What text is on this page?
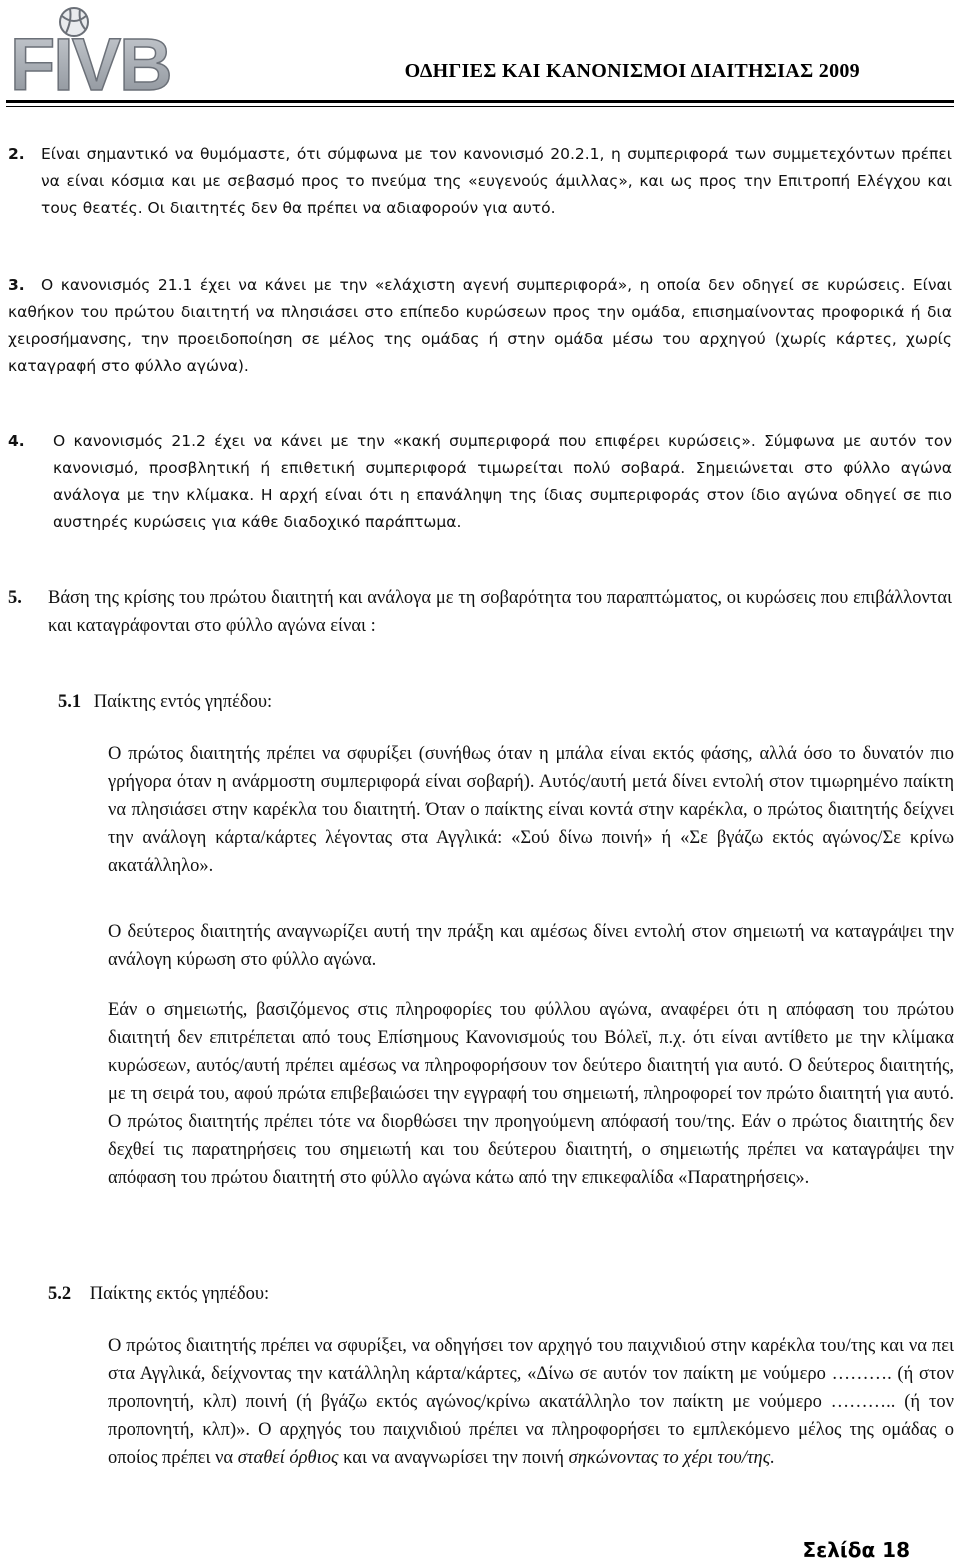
FIVB	ΟΔΗΓΙΕΣ ΚΑΙ ΚΑΝΟΝΙΣΜΟΙ ΔΙΑΙΤΗΣΙΑΣ 2009
2.	Είναι σημαντικό να θυμόμαστε, ότι σύμφωνα με τον κανονισμό 20.2.1, η συμπεριφορά των συμμετεχόντων πρέπει να είναι κόσμια και με σεβασμό προς το πνεύμα της «ευγενούς άμιλλας», και ως προς την Επιτροπή Ελέγχου και τους θεατές. Οι διαιτητές δεν θα πρέπει να αδιαφορούν για αυτό.
3.	Ο κανονισμός 21.1 έχει να κάνει με την «ελάχιστη αγενή συμπεριφορά», η οποία δεν οδηγεί σε κυρώσεις. Είναι καθήκον του πρώτου διαιτητή να πλησιάσει στο επίπεδο κυρώσεων προς την ομάδα, επισημαίνοντας προφορικά ή δια χειροσήμανσης, την προειδοποίηση σε μέλος της ομάδας ή στην ομάδα μέσω του αρχηγού (χωρίς κάρτες, χωρίς καταγραφή στο φύλλο αγώνα).
4.	Ο κανονισμός 21.2 έχει να κάνει με την «κακή συμπεριφορά που επιφέρει κυρώσεις». Σύμφωνα με αυτόν τον κανονισμό, προσβλητική ή επιθετική συμπεριφορά τιμωρείται πολύ σοβαρά. Σημειώνεται στο φύλλο αγώνα ανάλογα με την κλίμακα. Η αρχή είναι ότι η επανάληψη της ίδιας συμπεριφοράς στον ίδιο αγώνα οδηγεί σε πιο αυστηρές κυρώσεις για κάθε διαδοχικό παράπτωμα.
5.	Βάση της κρίσης του πρώτου διαιτητή και ανάλογα με τη σοβαρότητα του παραπτώματος, οι κυρώσεις που επιβάλλονται και καταγράφονται στο φύλλο αγώνα είναι :
5.1 Παίκτης εντός γηπέδου:
Ο πρώτος διαιτητής πρέπει να σφυρίξει (συνήθως όταν η μπάλα είναι εκτός φάσης, αλλά όσο το δυνατόν πιο γρήγορα όταν η ανάρμοστη συμπεριφορά είναι σοβαρή). Αυτός/αυτή μετά δίνει εντολή στον τιμωρημένο παίκτη να πλησιάσει στην καρέκλα του διαιτητή. Όταν ο παίκτης είναι κοντά στην καρέκλα, ο πρώτος διαιτητής δείχνει την ανάλογη κάρτα/κάρτες λέγοντας στα Αγγλικά: «Σού δίνω ποινή» ή «Σε βγάζω εκτός αγώνος/Σε κρίνω ακατάλληλο».
Ο δεύτερος διαιτητής αναγνωρίζει αυτή την πράξη και αμέσως δίνει εντολή στον σημειωτή να καταγράψει την ανάλογη κύρωση στο φύλλο αγώνα.
Εάν ο σημειωτής, βασιζόμενος στις πληροφορίες του φύλλου αγώνα, αναφέρει ότι η απόφαση του πρώτου διαιτητή δεν επιτρέπεται από τους Επίσημους Κανονισμούς του Βόλεϊ, π.χ. ότι είναι αντίθετο με την κλίμακα κυρώσεων, αυτός/αυτή πρέπει αμέσως να πληροφορήσουν τον δεύτερο διαιτητή για αυτό. Ο δεύτερος διαιτητής, με τη σειρά του, αφού πρώτα επιβεβαιώσει την εγγραφή του σημειωτή, πληροφορεί τον πρώτο διαιτητή για αυτό. Ο πρώτος διαιτητής πρέπει τότε να διορθώσει την προηγούμενη απόφασή του/της. Εάν ο πρώτος διαιτητής δεν δεχθεί τις παρατηρήσεις του σημειωτή και του δεύτερου διαιτητή, ο σημειωτής πρέπει να καταγράψει την απόφαση του πρώτου διαιτητή στο φύλλο αγώνα κάτω από την επικεφαλίδα «Παρατηρήσεις».
5.2 Παίκτης εκτός γηπέδου:
Ο πρώτος διαιτητής πρέπει να σφυρίξει, να οδηγήσει τον αρχηγό του παιχνιδιού στην καρέκλα του/της και να πει στα Αγγλικά, δείχνοντας την κατάλληλη κάρτα/κάρτες, «Δίνω σε αυτόν τον παίκτη με νούμερο ………. (ή στον προπονητή, κλπ) ποινή (ή βγάζω εκτός αγώνος/κρίνω ακατάλληλο τον παίκτη με νούμερο ……….. (ή τον προπονητή, κλπ)». Ο αρχηγός του παιχνιδιού πρέπει να πληροφορήσει το εμπλεκόμενο μέλος της ομάδας ο οποίος πρέπει να σταθεί όρθιος και να αναγνωρίσει την ποινή σηκώνοντας το χέρι του/της.
Σελίδα 18
